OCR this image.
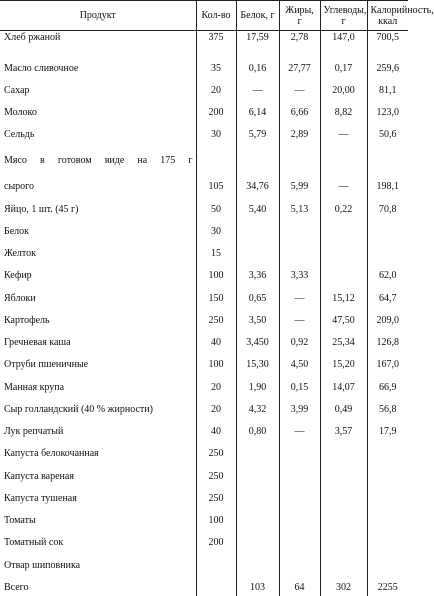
Продукт	Кол-во	Белок, г	Жиры, г	Углеводы, г	Калорийность, ккал
Хлеб ржаной	375	17,59	2,78	147,0	700,5
Масло сливочное	35	0,16	27,77	0,17	259,6
Сахар	20	—	—	20,00	81,1
Молоко	200	6,14	6,66	8,82	123,0
Сельдь	30	5,79	2,89	—	50,6
Мясо в готовом виде на 175 г					
сырого	105	34,76	5,99	—	198,1
Яйцо, 1 шт. (45 г)	50	5,40	5,13	0,22	70,8
Белок	30				
Желток	15				
Кефир	100	3,36	3,33		62,0
Яблоки	150	0,65	—	15,12	64,7
Картофель	250	3,50	—	47,50	209,0
Гречневая каша	40	3,450	0,92	25,34	126,8
Отруби пшеничные	100	15,30	4,50	15,20	167,0
Манная крупа	20	1,90	0,15	14,07	66,9
Сыр голландский (40 % жирности)	20	4,32	3,99	0,49	56,8
Лук репчатый	40	0,80	—	3,57	17,9
Капуста белокочанная	250				
Капуста вареная	250				
Капуста тушеная	250				
Томаты	100				
Томатный сок	200				
Отвар шиповника					
Всего		103	64	302	2255
